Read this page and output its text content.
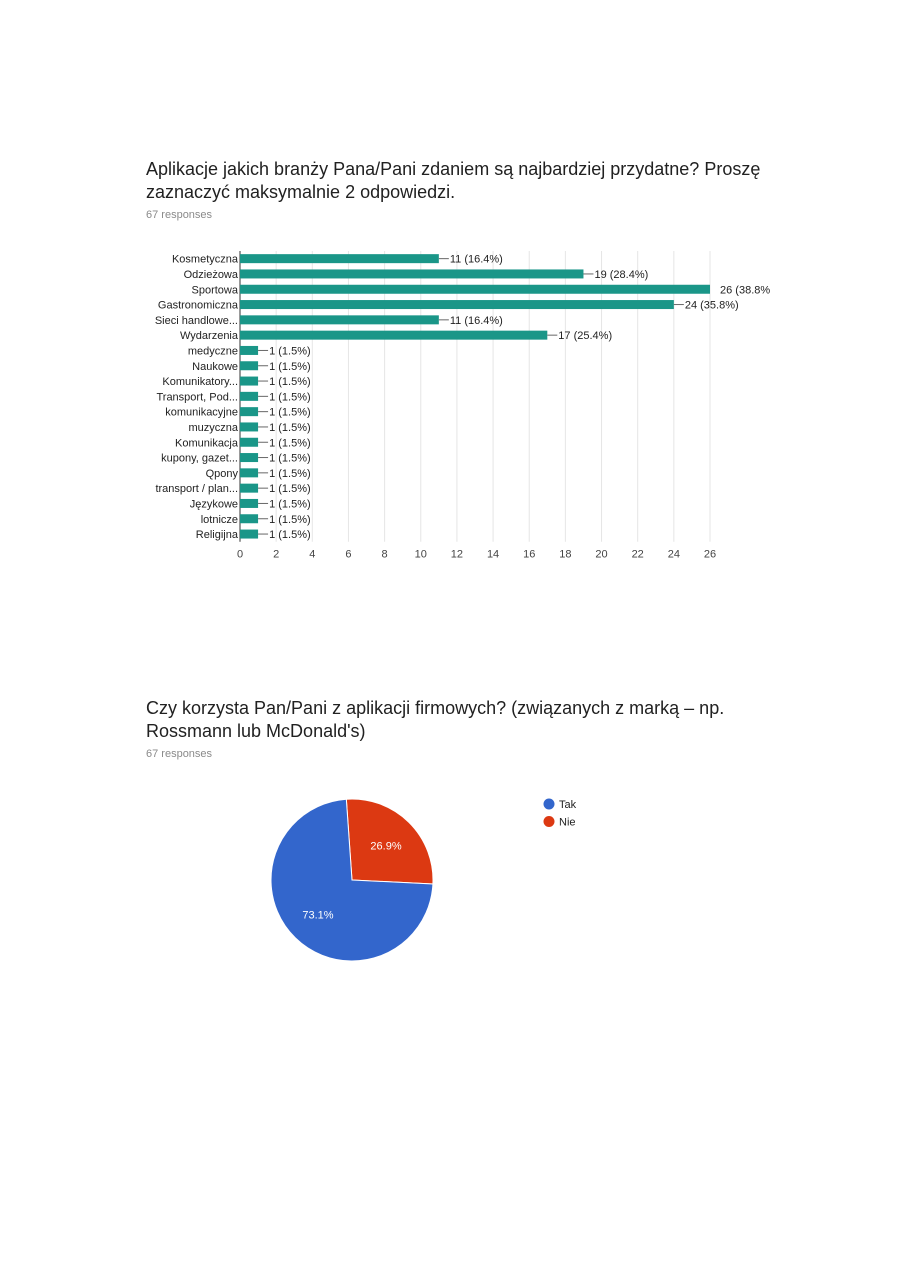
Aplikacje jakich branży Pana/Pani zdaniem są najbardziej przydatne? Proszę zaznaczyć maksymalnie 2 odpowiedzi.
67 responses
0	2	4	6	8 10 12 14 16 18 20 22 24 26
Kosmetyczna	11 (16.4%)
Odzieżowa	19 (28.4%)
Sportowa	26 (38.8%
Gastronomiczna	24 (35.8%)
Sieci handlowe...	11 (16.4%)
Wydarzenia	17 (25.4%)
medyczne	1 (1.5%)
Naukowe	1 (1.5%)
Komunikatory...	1 (1.5%)
Transport, Pod...	1 (1.5%)
komunikacyjne	1 (1.5%)
muzyczna	1 (1.5%)
Komunikacja	1 (1.5%)
kupony, gazet...	1 (1.5%)
Qpony	1 (1.5%)
transport / plan...	1 (1.5%)
Językowe	1 (1.5%)
lotnicze	1 (1.5%)
Religijna	1 (1.5%)
Czy korzysta Pan/Pani z aplikacji firmowych? (związanych z marką – np. Rossmann lub McDonald's)
67 responses
26.9%
73.1%
Tak
Nie
